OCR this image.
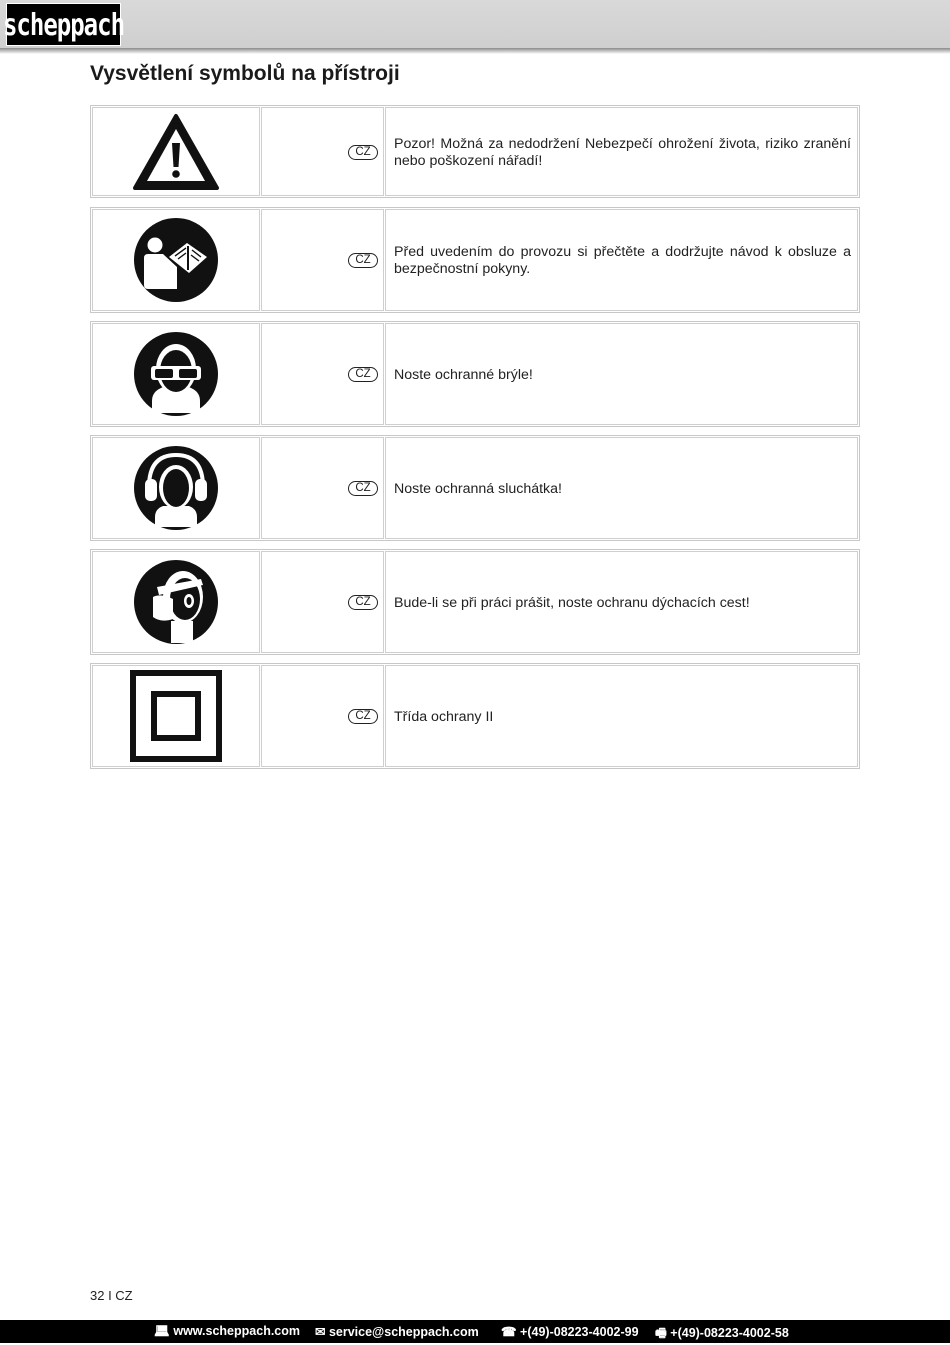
scheppach
Vysvětlení symbolů na přístroji
CZ	Pozor! Možná za nedodržení Nebezpečí ohrožení života, riziko zranění nebo poškození nářadí!
CZ	Před uvedením do provozu si přečtěte a dodržujte návod k obsluze a bezpečnostní pokyny.
CZ	Noste ochranné brýle!
CZ	Noste ochranná sluchátka!
CZ	Bude-li se při práci prášit, noste ochranu dýchacích cest!
CZ	Třída ochrany II
32 I CZ
💻︎ www.scheppach.com ✉ service@scheppach.com ☎ +(49)-08223-4002-99 🖷︎ +(49)-08223-4002-58
